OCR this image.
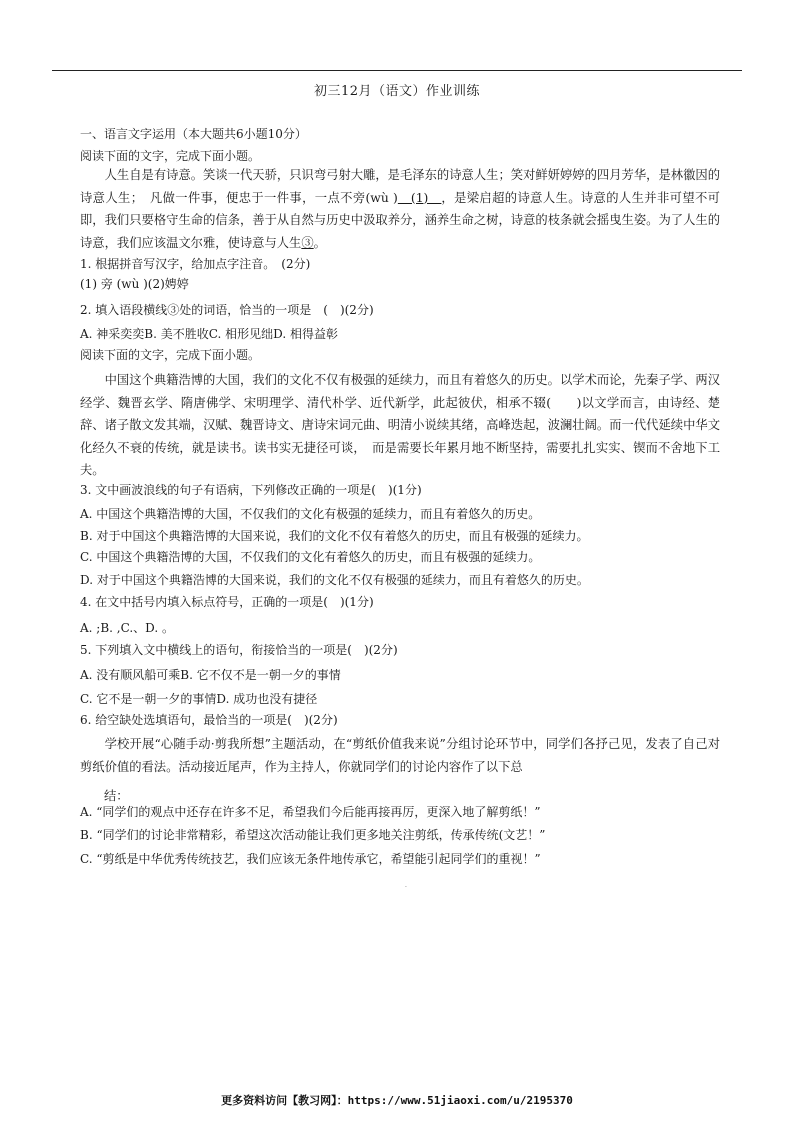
初三12月（语文）作业训练
一、语言文字运用（本大题共6小题10分）
阅读下面的文字，完成下面小题。
人生自是有诗意。笑谈一代天骄，只识弯弓射大雕，是毛泽东的诗意人生；笑对鲜妍婷婷的四月芳华，是林徽因的诗意人生；　凡做一件事，便忠于一件事，一点不旁(wù )　(1)　，是梁启超的诗意人生。诗意的人生并非可望不可即，我们只要格守生命的信条，善于从自然与历史中汲取养分，涵养生命之树，诗意的枝条就会摇曳生姿。为了人生的诗意，我们应该温文尔雅，使诗意与人生③。
1. 根据拼音写汉字，给加点字注音。　(2分)
(1) 旁 (wù )(2)娉婷
2. 填入语段横线③处的词语，恰当的一项是　(　)(2分)
A. 神采奕奕B. 美不胜收C. 相形见绌D. 相得益彰
阅读下面的文字，完成下面小题。
中国这个典籍浩博的大国，我们的文化不仅有极强的延续力，而且有着悠久的历史。以学术而论，先秦子学、两汉经学、魏晋玄学、隋唐佛学、宋明理学、清代朴学、近代新学，此起彼伏，相承不辍(　　)以文学而言，由诗经、楚辞、诸子散文发其端，汉赋、魏晋诗文、唐诗宋词元曲、明清小说续其绪，高峰迭起，波澜壮阔。而一代代延续中华文化经久不衰的传统，就是读书。读书实无捷径可谈，　而是需要长年累月地不断坚持，需要扎扎实实、锲而不舍地下工夫。
3. 文中画波浪线的句子有语病，下列修改正确的一项是(　)(1分)
A. 中国这个典籍浩博的大国，不仅我们的文化有极强的延续力，而且有着悠久的历史。
B. 对于中国这个典籍浩博的大国来说，我们的文化不仅有着悠久的历史，而且有极强的延续力。
C. 中国这个典籍浩博的大国，不仅我们的文化有着悠久的历史，而且有极强的延续力。
D. 对于中国这个典籍浩博的大国来说，我们的文化不仅有极强的延续力，而且有着悠久的历史。
4. 在文中括号内填入标点符号，正确的一项是(　)(1分)
A. ;B. ,C.、D. 。
5. 下列填入文中横线上的语句，衔接恰当的一项是(　)(2分)
A. 没有顺风船可乘B. 它不仅不是一朝一夕的事情
C. 它不是一朝一夕的事情D. 成功也没有捷径
6. 给空缺处选填语句，最恰当的一项是(　)(2分)
学校开展“心随手动·剪我所想”主题活动，在“剪纸价值我来说”分组讨论环节中，同学们各抒己见，发表了自己对剪纸价值的看法。活动接近尾声，作为主持人，你就同学们的讨论内容作了以下总
结：
A. “同学们的观点中还存在许多不足，希望我们今后能再接再厉，更深入地了解剪纸！”
B. “同学们的讨论非常精彩，希望这次活动能让我们更多地关注剪纸，传承传统(文艺！”
C. “剪纸是中华优秀传统技艺，我们应该无条件地传承它，希望能引起同学们的重视！”
.
更多资料访问【教习网】：https://www.51jiaoxi.com/u/2195370
